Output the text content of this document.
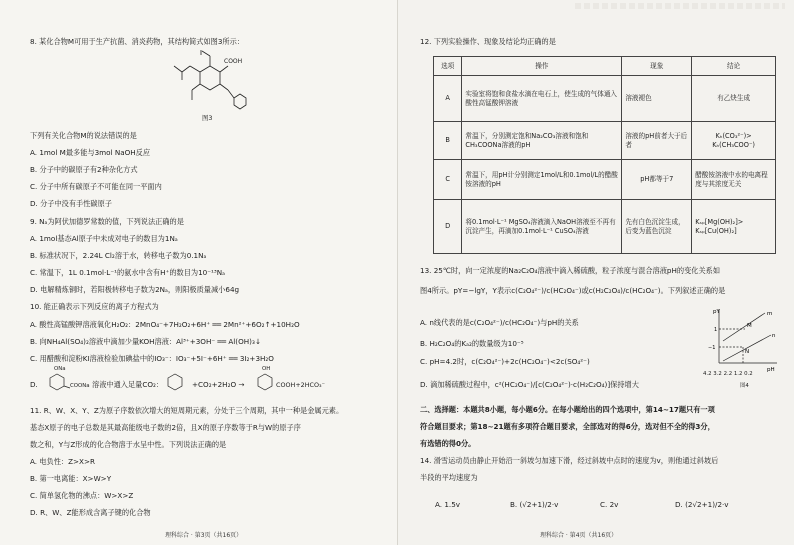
8. 某化合物M可用于生产抗菌、消炎药物，其结构简式如图3所示：
COOH
图3
下列有关化合物M的说法错误的是
A. 1mol M最多能与3mol NaOH反应
B. 分子中的碳原子有2种杂化方式
C. 分子中所有碳原子不可能在同一平面内
D. 分子中没有手性碳原子
9. Nₐ为阿伏加德罗常数的值，下列说法正确的是
A. 1mol基态Al原子中未成对电子的数目为1Nₐ
B. 标准状况下，2.24L Cl₂溶于水，转移电子数为0.1Nₐ
C. 常温下，1L 0.1mol·L⁻¹的氨水中含有H⁺的数目为10⁻¹³Nₐ
D. 电解精炼铜时，若阳极转移电子数为2Nₐ，则阳极质量减小64g
10. 能正确表示下列反应的离子方程式为
A. 酸性高锰酸钾溶液氧化H₂O₂：2MnO₄⁻+7H₂O₂+6H⁺ ══ 2Mn²⁺+6O₂↑+10H₂O
B. 向NH₄Al(SO₄)₂溶液中滴加少量KOH溶液：Al³⁺+3OH⁻ ══ Al(OH)₃↓
C. 用醋酸和淀粉KI溶液检验加碘盐中的IO₃⁻：IO₃⁻+5I⁻+6H⁺ ══ 3I₂+3H₂O
D.
ONa
COONa 溶液中通入足量CO₂：	+CO₂+2H₂O →
OH
COOH+2HCO₃⁻
11. R、W、X、Y、Z为原子序数依次增大的短周期元素，分处于三个周期，其中一种是金属元素。
基态X原子的电子总数是其最高能级电子数的2倍，且X的原子序数等于R与W的原子序
数之和，Y与Z形成的化合物溶于水呈中性。下列说法正确的是
A. 电负性：Z>X>R
B. 第一电离能：X>W>Y
C. 简单氢化物的沸点：W>X>Z
D. R、W、Z能形成含离子键的化合物
理科综合 · 第3页（共16页）
12. 下列实验操作、现象及结论均正确的是
选项	操作	现象	结论
A	实验室将饱和食盐水滴在电石上，使生成的气体通入酸性高锰酸钾溶液	溶液褪色	有乙炔生成
B	常温下，分别测定饱和Na₂CO₃溶液和饱和CH₃COONa溶液的pH	溶液的pH前者大于后者	Kₕ(CO₃²⁻)>
Kₕ(CH₃COO⁻)

C	常温下，用pH计分别测定1mol/L和0.1mol/L的醋酸铵溶液的pH	pH都等于7	醋酸铵溶液中水的电离程度与其浓度无关
D	将0.1mol·L⁻¹ MgSO₄溶液滴入NaOH溶液至不再有沉淀产生，再滴加0.1mol·L⁻¹ CuSO₄溶液	先有白色沉淀生成，后变为蓝色沉淀	Kₛₚ[Mg(OH)₂]>
Kₛₚ[Cu(OH)₂]
13. 25℃时，向一定浓度的Na₂C₂O₄溶液中滴入稀硫酸，粒子浓度与混合溶液pH的变化关系如
图4所示。pY=−lgY，Y表示c(C₂O₄²⁻)/c(HC₂O₄⁻)或c(H₂C₂O₄)/c(HC₂O₄⁻)。下列叙述正确的是
A. n线代表的是c(C₂O₄²⁻)/c(HC₂O₄⁻)与pH的关系
B. H₂C₂O₄的Kₐ₂的数量级为10⁻⁵
C. pH=4.2时，c(C₂O₄²⁻)+2c(HC₂O₄⁻)<2c(SO₄²⁻)
D. 滴加稀硫酸过程中，c²(HC₂O₄⁻)/[c(C₂O₄²⁻)·c(H₂C₂O₄)]保持增大
pY
pH
m
n
M
N
1
−1
4.2 3.2 2.2 1.2 0.2
图4
二、选择题：本题共8小题，每小题6分。在每小题给出的四个选项中，第14~17题只有一项
符合题目要求；第18~21题有多项符合题目要求，全部选对的得6分，选对但不全的得3分，
有选错的得0分。
14. 滑雪运动员由静止开始沿一斜坡匀加速下滑，经过斜坡中点时的速度为v，则他通过斜坡后
半段的平均速度为
A. 1.5v	B. (√2+1)/2·v	C. 2v	D. (2√2+1)/2·v
理科综合 · 第4页（共16页）
